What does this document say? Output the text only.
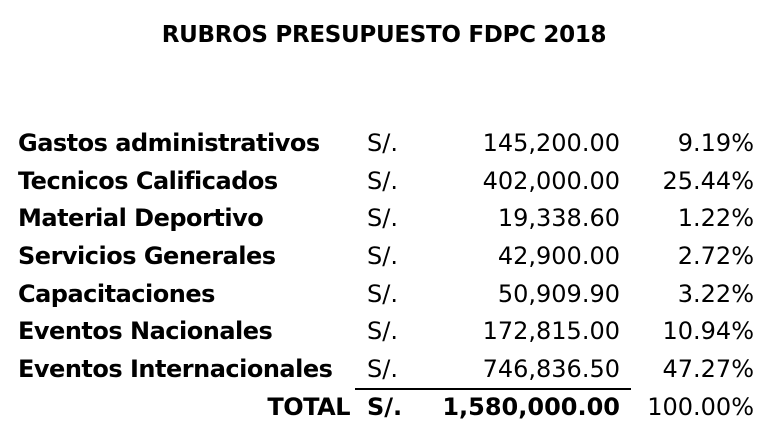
RUBROS PRESUPUESTO FDPC 2018
Gastos administrativos S/.	145,200.00 9.19%
Tecnicos Calificados	S/.	402,000.00 25.44%
Material Deportivo	S/.	19,338.60 1.22%
Servicios Generales	S/.	42,900.00 2.72%
Capacitaciones	S/.	50,909.90 3.22%
Eventos Nacionales	S/.	172,815.00 10.94%
Eventos Internacionales S/.	746,836.50 47.27%
TOTAL S/. 1,580,000.00 100.00%
